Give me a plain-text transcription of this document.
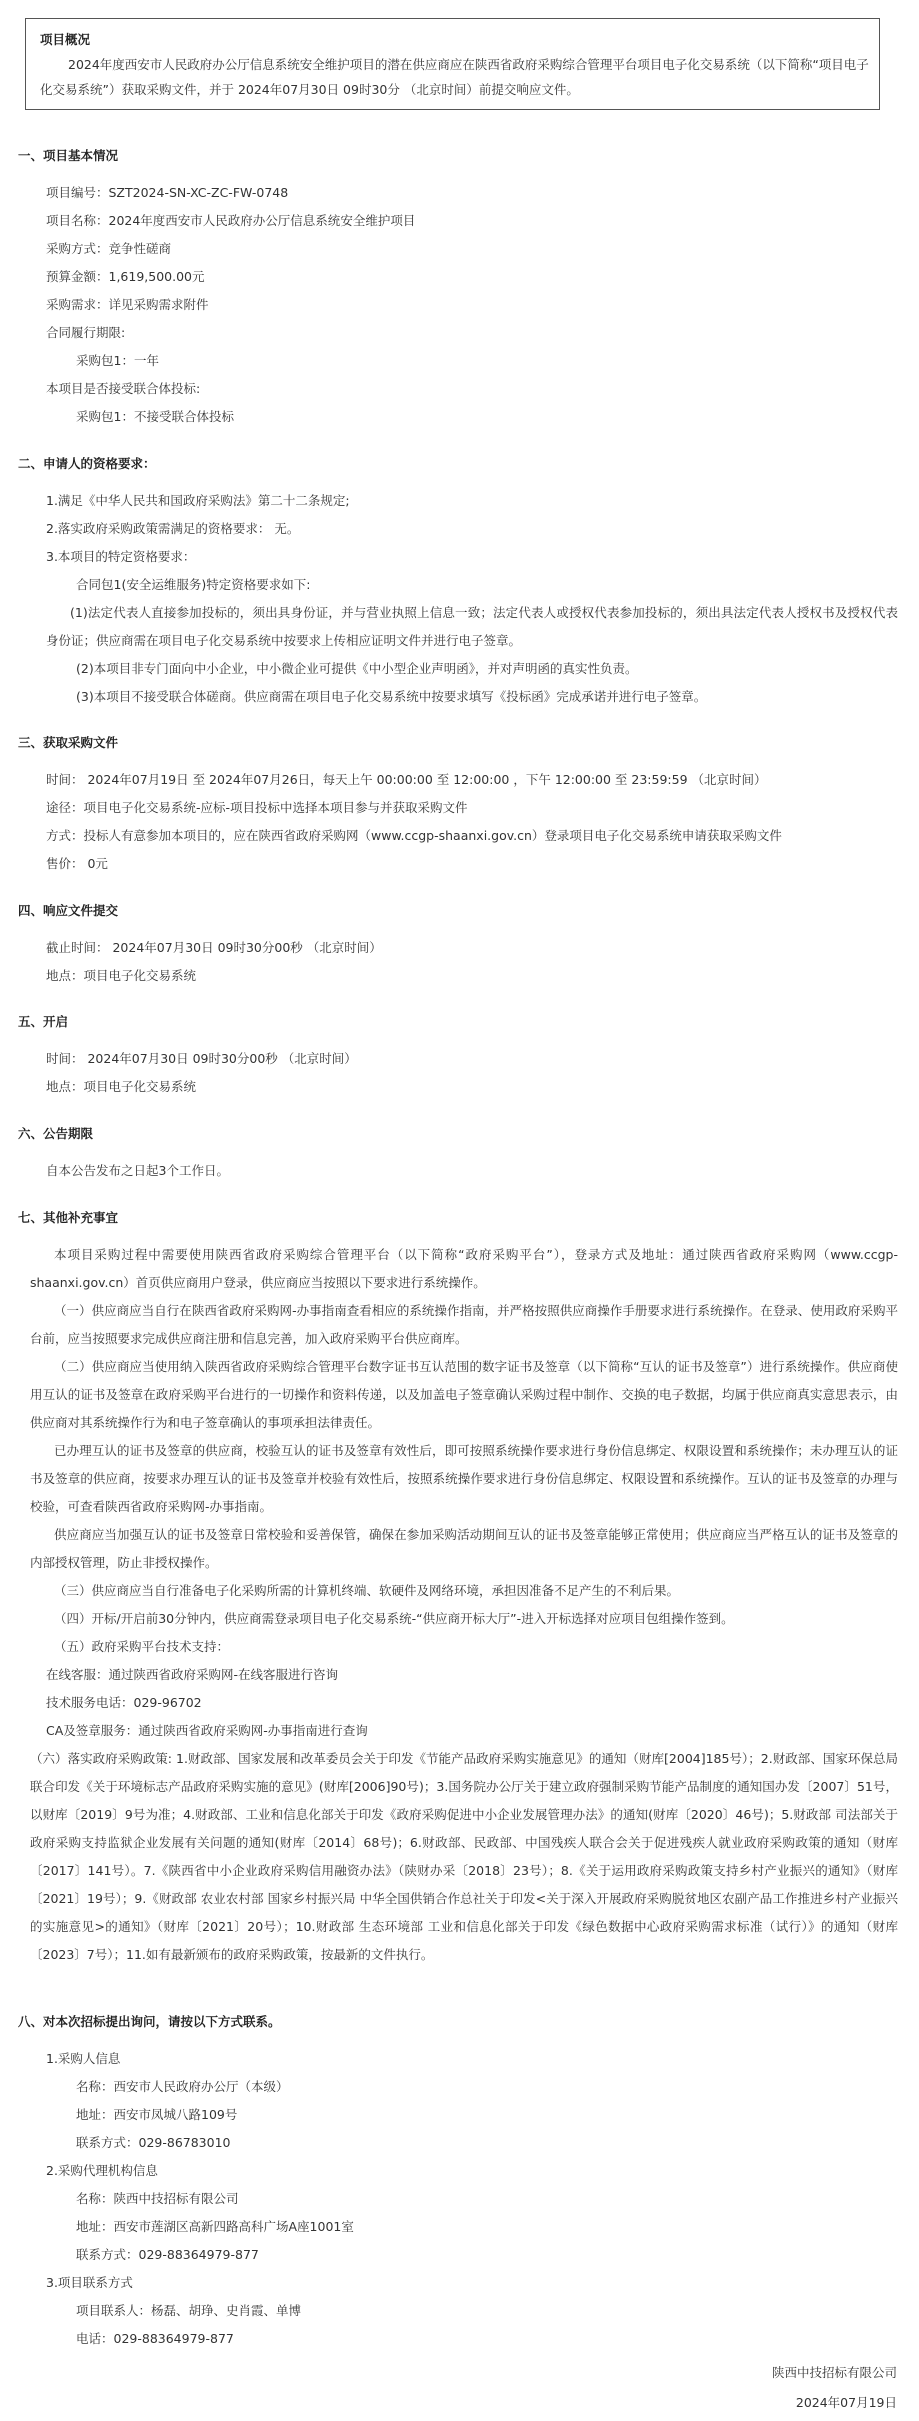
项目概况
2024年度西安市人民政府办公厅信息系统安全维护项目的潜在供应商应在陕西省政府采购综合管理平台项目电子化交易系统（以下简称“项目电子化交易系统”）获取采购文件，并于 2024年07月30日 09时30分 （北京时间）前提交响应文件。
一、项目基本情况
项目编号：SZT2024-SN-XC-ZC-FW-0748
项目名称：2024年度西安市人民政府办公厅信息系统安全维护项目
采购方式：竞争性磋商
预算金额：1,619,500.00元
采购需求：详见采购需求附件
合同履行期限:
采购包1：一年
本项目是否接受联合体投标:
采购包1：不接受联合体投标
二、申请人的资格要求：
1.满足《中华人民共和国政府采购法》第二十二条规定;
2.落实政府采购政策需满足的资格要求： 无。
3.本项目的特定资格要求：
合同包1(安全运维服务)特定资格要求如下:
(1)法定代表人直接参加投标的，须出具身份证，并与营业执照上信息一致；法定代表人或授权代表参加投标的，须出具法定代表人授权书及授权代表身份证；供应商需在项目电子化交易系统中按要求上传相应证明文件并进行电子签章。
(2)本项目非专门面向中小企业，中小微企业可提供《中小型企业声明函》，并对声明函的真实性负责。
(3)本项目不接受联合体磋商。供应商需在项目电子化交易系统中按要求填写《投标函》完成承诺并进行电子签章。
三、获取采购文件
时间： 2024年07月19日 至 2024年07月26日，每天上午 00:00:00 至 12:00:00 ，下午 12:00:00 至 23:59:59 （北京时间）
途径：项目电子化交易系统-应标-项目投标中选择本项目参与并获取采购文件
方式：投标人有意参加本项目的，应在陕西省政府采购网（www.ccgp-shaanxi.gov.cn）登录项目电子化交易系统申请获取采购文件
售价： 0元
四、响应文件提交
截止时间： 2024年07月30日 09时30分00秒 （北京时间）
地点：项目电子化交易系统
五、开启
时间： 2024年07月30日 09时30分00秒 （北京时间）
地点：项目电子化交易系统
六、公告期限
自本公告发布之日起3个工作日。
七、其他补充事宜
本项目采购过程中需要使用陕西省政府采购综合管理平台（以下简称“政府采购平台”），登录方式及地址：通过陕西省政府采购网（www.ccgp-shaanxi.gov.cn）首页供应商用户登录，供应商应当按照以下要求进行系统操作。
（一）供应商应当自行在陕西省政府采购网-办事指南查看相应的系统操作指南，并严格按照供应商操作手册要求进行系统操作。在登录、使用政府采购平台前，应当按照要求完成供应商注册和信息完善，加入政府采购平台供应商库。
（二）供应商应当使用纳入陕西省政府采购综合管理平台数字证书互认范围的数字证书及签章（以下简称“互认的证书及签章”）进行系统操作。供应商使用互认的证书及签章在政府采购平台进行的一切操作和资料传递，以及加盖电子签章确认采购过程中制作、交换的电子数据，均属于供应商真实意思表示，由供应商对其系统操作行为和电子签章确认的事项承担法律责任。
已办理互认的证书及签章的供应商，校验互认的证书及签章有效性后，即可按照系统操作要求进行身份信息绑定、权限设置和系统操作；未办理互认的证书及签章的供应商，按要求办理互认的证书及签章并校验有效性后，按照系统操作要求进行身份信息绑定、权限设置和系统操作。互认的证书及签章的办理与校验，可查看陕西省政府采购网-办事指南。
供应商应当加强互认的证书及签章日常校验和妥善保管，确保在参加采购活动期间互认的证书及签章能够正常使用；供应商应当严格互认的证书及签章的内部授权管理，防止非授权操作。
（三）供应商应当自行准备电子化采购所需的计算机终端、软硬件及网络环境，承担因准备不足产生的不利后果。
（四）开标/开启前30分钟内，供应商需登录项目电子化交易系统-“供应商开标大厅”-进入开标选择对应项目包组操作签到。
（五）政府采购平台技术支持：
在线客服：通过陕西省政府采购网-在线客服进行咨询
技术服务电话：029-96702
CA及签章服务：通过陕西省政府采购网-办事指南进行查询
（六）落实政府采购政策: 1.财政部、国家发展和改革委员会关于印发《节能产品政府采购实施意见》的通知（财库[2004]185号）；2.财政部、国家环保总局联合印发《关于环境标志产品政府采购实施的意见》(财库[2006]90号)；3.国务院办公厅关于建立政府强制采购节能产品制度的通知国办发〔2007〕51号，以财库〔2019〕9号为准；4.财政部、工业和信息化部关于印发《政府采购促进中小企业发展管理办法》的通知(财库〔2020〕46号)；5.财政部 司法部关于政府采购支持监狱企业发展有关问题的通知(财库〔2014〕68号)；6.财政部、民政部、中国残疾人联合会关于促进残疾人就业政府采购政策的通知（财库〔2017〕141号）。7.《陕西省中小企业政府采购信用融资办法》（陕财办采〔2018〕23号）；8.《关于运用政府采购政策支持乡村产业振兴的通知》（财库〔2021〕19号）；9.《财政部 农业农村部 国家乡村振兴局 中华全国供销合作总社关于印发<关于深入开展政府采购脱贫地区农副产品工作推进乡村产业振兴的实施意见>的通知》（财库〔2021〕20号）；10.财政部 生态环境部 工业和信息化部关于印发《绿色数据中心政府采购需求标准（试行）》的通知（财库〔2023〕7号）；11.如有最新颁布的政府采购政策，按最新的文件执行。
八、对本次招标提出询问，请按以下方式联系。
1.采购人信息
名称：西安市人民政府办公厅（本级）
地址：西安市凤城八路109号
联系方式：029-86783010
2.采购代理机构信息
名称：陕西中技招标有限公司
地址：西安市莲湖区高新四路高科广场A座1001室
联系方式：029-88364979-877
3.项目联系方式
项目联系人：杨磊、胡琤、史肖霞、单博
电话：029-88364979-877
陕西中技招标有限公司
2024年07月19日
